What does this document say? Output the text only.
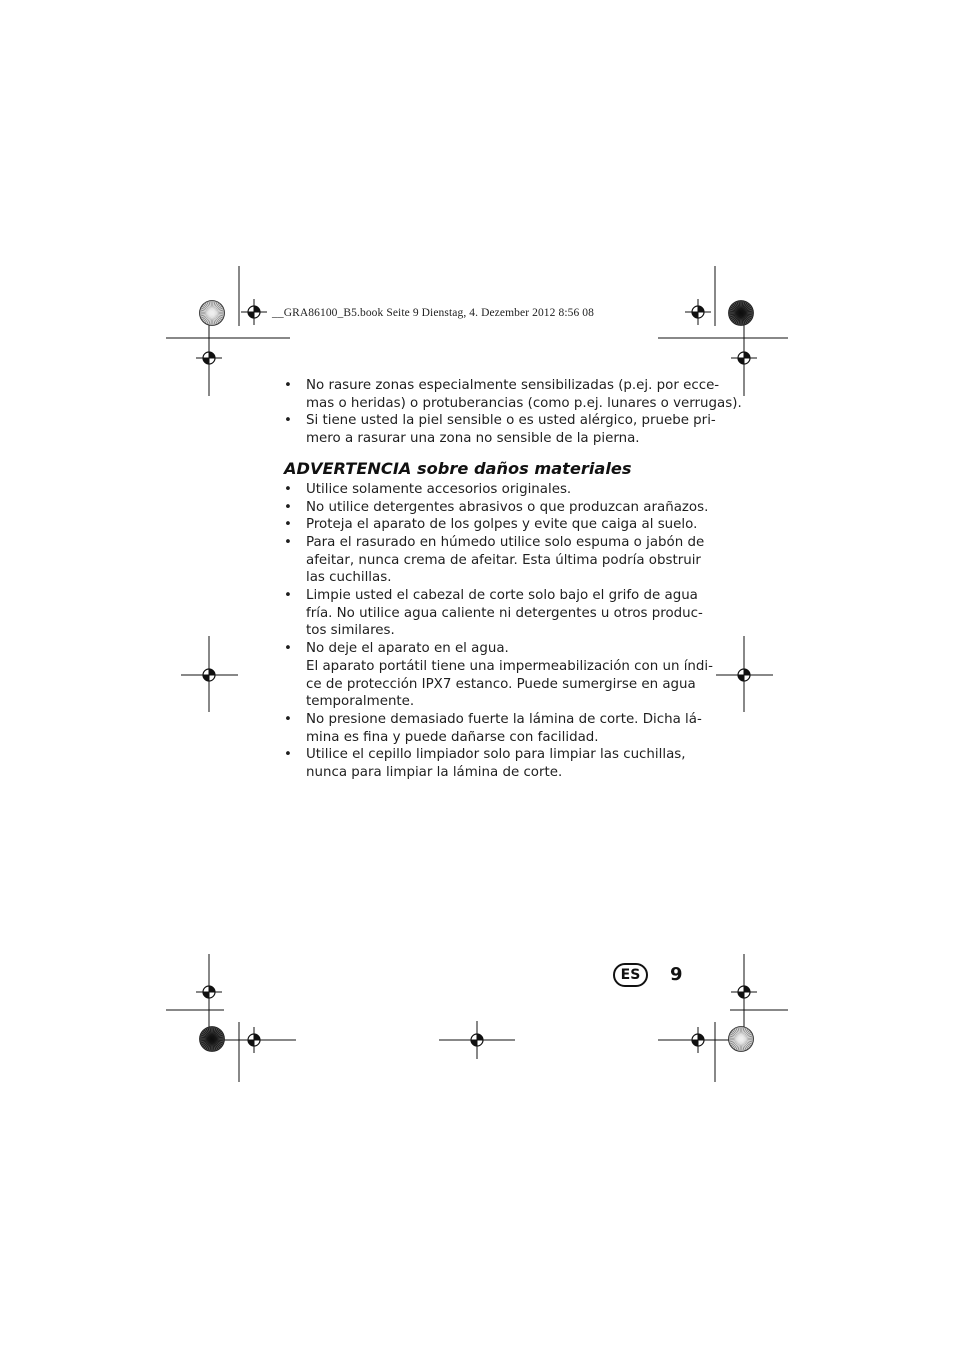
__GRA86100_B5.book Seite 9 Dienstag, 4. Dezember 2012 8:56 08
• No rasure zonas especialmente sensibilizadas (p.ej. por ecce-
mas o heridas) o protuberancias (como p.ej. lunares o verrugas).
• Si tiene usted la piel sensible o es usted alérgico, pruebe pri-
mero a rasurar una zona no sensible de la pierna.
ADVERTENCIA sobre daños materiales
• Utilice solamente accesorios originales.
• No utilice detergentes abrasivos o que produzcan arañazos.
• Proteja el aparato de los golpes y evite que caiga al suelo.
• Para el rasurado en húmedo utilice solo espuma o jabón de
afeitar, nunca crema de afeitar. Esta última podría obstruir
las cuchillas.
• Limpie usted el cabezal de corte solo bajo el grifo de agua
fría. No utilice agua caliente ni detergentes u otros produc-
tos similares.
• No deje el aparato en el agua.
El aparato portátil tiene una impermeabilización con un índi-
ce de protección IPX7 estanco. Puede sumergirse en agua
temporalmente.
• No presione demasiado fuerte la lámina de corte. Dicha lá-
mina es fina y puede dañarse con facilidad.
• Utilice el cepillo limpiador solo para limpiar las cuchillas,
nunca para limpiar la lámina de corte.
ES	9
